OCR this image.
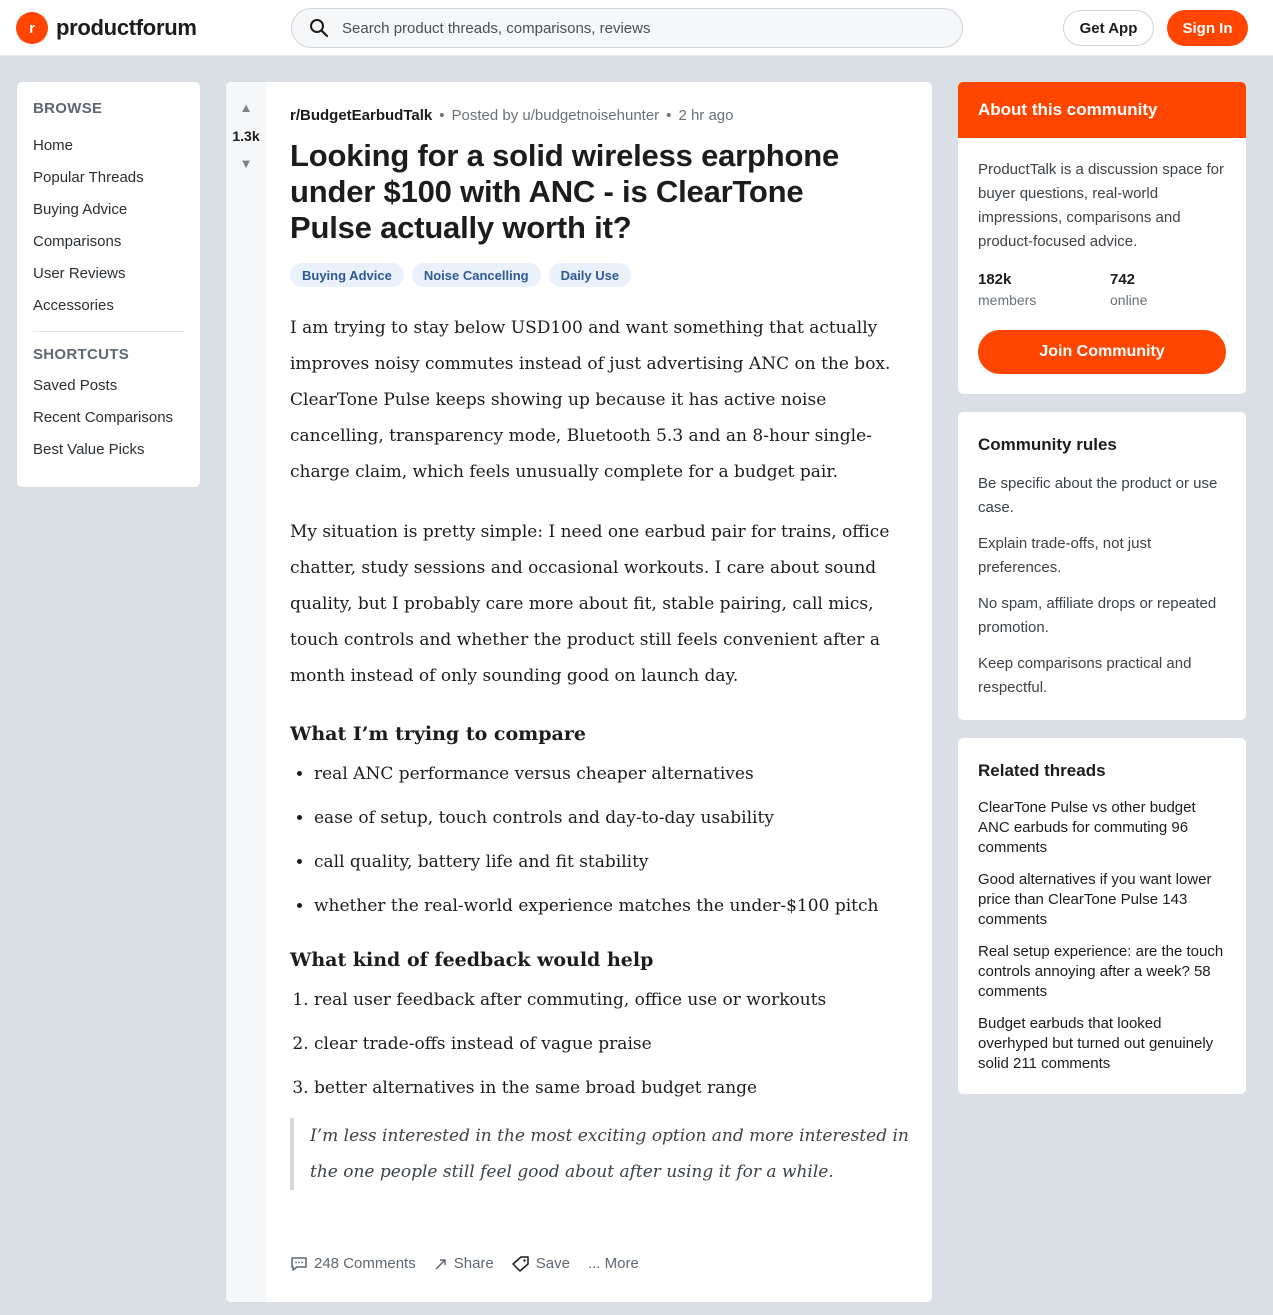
r productforum
Search product threads, comparisons, reviews	Get App	Sign In
BROWSE
Home
Popular Threads
Buying Advice
Comparisons
User Reviews
Accessories
SHORTCUTS
Saved Posts
Recent Comparisons
Best Value Picks
▲
1.3k
▼
r/BudgetEarbudTalk • Posted by u/budgetnoisehunter • 2 hr ago
Looking for a solid wireless earphone under $100 with ANC - is ClearTone Pulse actually worth it?
Buying Advice	Noise Cancelling	Daily Use

I am trying to stay below USD100 and want something that actually improves noisy commutes instead of just advertising ANC on the box. ClearTone Pulse keeps showing up because it has active noise cancelling, transparency mode, Bluetooth 5.3 and an 8-hour single-charge claim, which feels unusually complete for a budget pair.

My situation is pretty simple: I need one earbud pair for trains, office chatter, study sessions and occasional workouts. I care about sound quality, but I probably care more about fit, stable pairing, call mics, touch controls and whether the product still feels convenient after a month instead of only sounding good on launch day.

What I’m trying to compare
• real ANC performance versus cheaper alternatives
• ease of setup, touch controls and day-to-day usability
• call quality, battery life and fit stability
• whether the real-world experience matches the under-$100 pitch
What kind of feedback would help
1. real user feedback after commuting, office use or workouts
2. clear trade-offs instead of vague praise
3. better alternatives in the same broad budget range
I’m less interested in the most exciting option and more interested in the one people still feel good about after using it for a while.
248 Comments	Share	Save ... More
About this community
ProductTalk is a discussion space for buyer questions, real-world impressions, comparisons and product-focused advice.
182k
members
742
online
Join Community
Community rules
Be specific about the product or use case.
Explain trade-offs, not just preferences.
No spam, affiliate drops or repeated promotion.
Keep comparisons practical and respectful.
Related threads
ClearTone Pulse vs other budget ANC earbuds for commuting 96 comments
Good alternatives if you want lower price than ClearTone Pulse 143 comments
Real setup experience: are the touch controls annoying after a week? 58 comments
Budget earbuds that looked overhyped but turned out genuinely solid 211 comments
